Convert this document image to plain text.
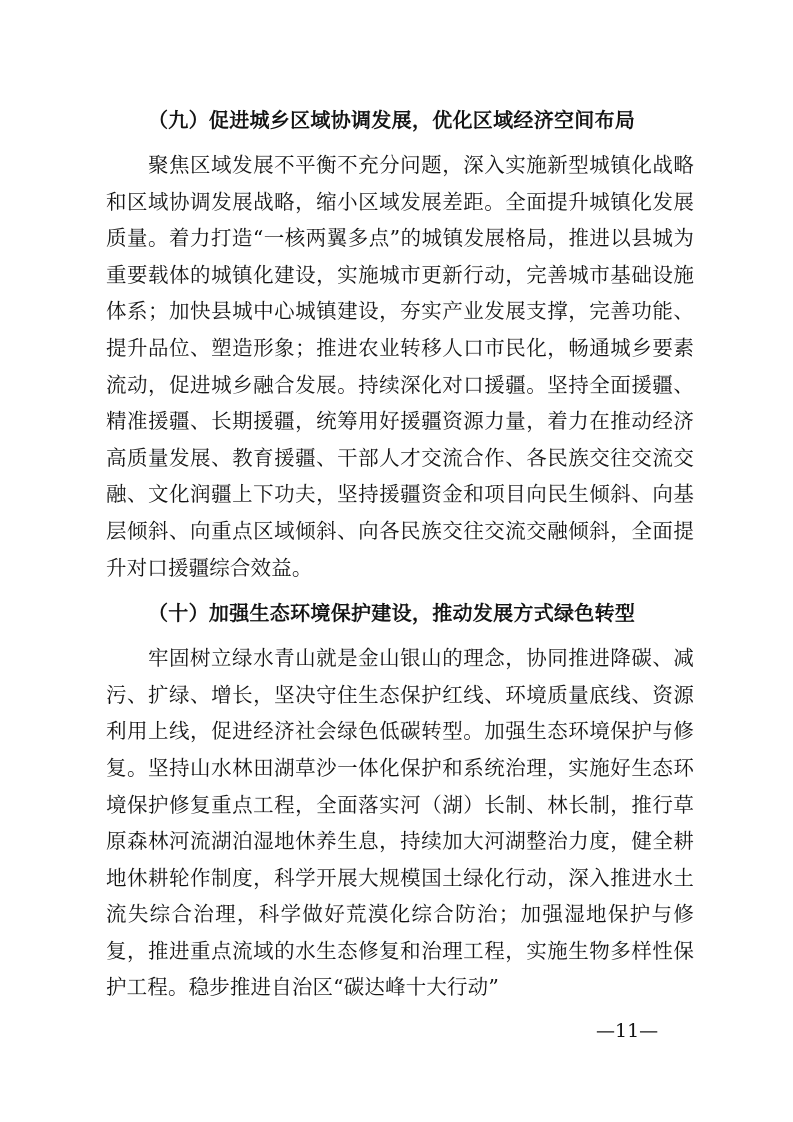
（九）促进城乡区域协调发展，优化区域经济空间布局

聚焦区域发展不平衡不充分问题，深入实施新型城镇化战略和区域协调发展战略，缩小区域发展差距。全面提升城镇化发展质量。着力打造“一核两翼多点”的城镇发展格局，推进以县城为重要载体的城镇化建设，实施城市更新行动，完善城市基础设施体系；加快县城中心城镇建设，夯实产业发展支撑，完善功能、提升品位、塑造形象；推进农业转移人口市民化，畅通城乡要素流动，促进城乡融合发展。持续深化对口援疆。坚持全面援疆、精准援疆、长期援疆，统筹用好援疆资源力量，着力在推动经济高质量发展、教育援疆、干部人才交流合作、各民族交往交流交融、文化润疆上下功夫，坚持援疆资金和项目向民生倾斜、向基层倾斜、向重点区域倾斜、向各民族交往交流交融倾斜，全面提升对口援疆综合效益。

（十）加强生态环境保护建设，推动发展方式绿色转型

牢固树立绿水青山就是金山银山的理念，协同推进降碳、减污、扩绿、增长，坚决守住生态保护红线、环境质量底线、资源利用上线，促进经济社会绿色低碳转型。加强生态环境保护与修复。坚持山水林田湖草沙一体化保护和系统治理，实施好生态环境保护修复重点工程，全面落实河（湖）长制、林长制，推行草原森林河流湖泊湿地休养生息，持续加大河湖整治力度，健全耕地休耕轮作制度，科学开展大规模国土绿化行动，深入推进水土流失综合治理，科学做好荒漠化综合防治；加强湿地保护与修复，推进重点流域的水生态修复和治理工程，实施生物多样性保护工程。稳步推进自治区“碳达峰十大行动”

—11—
